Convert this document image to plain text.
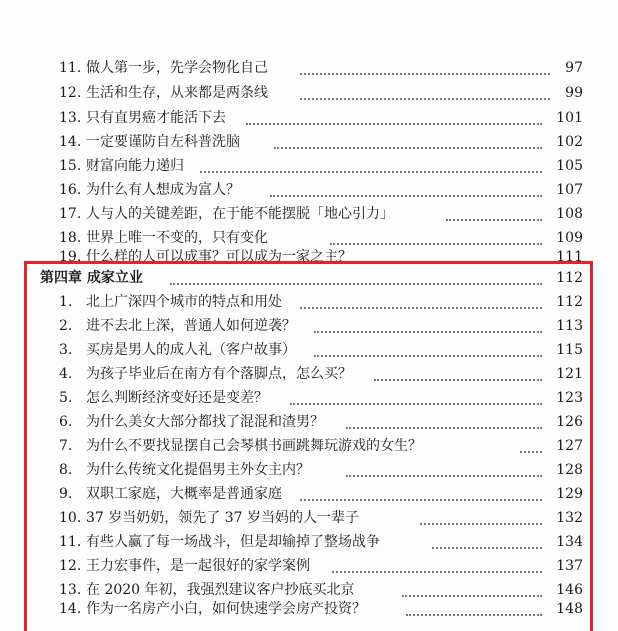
11. 做人第一步，先学会物化自己	97
12. 生活和生存，从来都是两条线	99
13. 只有直男癌才能活下去	101
14. 一定要谨防自左科普洗脑	102
15. 财富向能力递归	105
16. 为什么有人想成为富人？	107
17. 人与人的关键差距，在于能不能摆脱「地心引力」	108
18. 世界上唯一不变的，只有变化	109
19. 什么样的人可以成事？可以成为一家之主？	111
第四章 成家立业	112
1. 北上广深四个城市的特点和用处	112
2. 进不去北上深，普通人如何逆袭？	113
3. 买房是男人的成人礼（客户故事）	115
4. 为孩子毕业后在南方有个落脚点，怎么买？	121
5. 怎么判断经济变好还是变差？	123
6. 为什么美女大部分都找了混混和渣男？	126
7. 为什么不要找显摆自己会琴棋书画跳舞玩游戏的女生？	127
8. 为什么传统文化提倡男主外女主内？	128
9. 双职工家庭，大概率是普通家庭	129
10. 37 岁当奶奶，领先了 37 岁当妈的人一辈子	132
11. 有些人赢了每一场战斗，但是却输掉了整场战争	134
12. 王力宏事件，是一起很好的家学案例	137
13. 在 2020 年初，我强烈建议客户抄底买北京	146
14. 作为一名房产小白，如何快速学会房产投资？	148
